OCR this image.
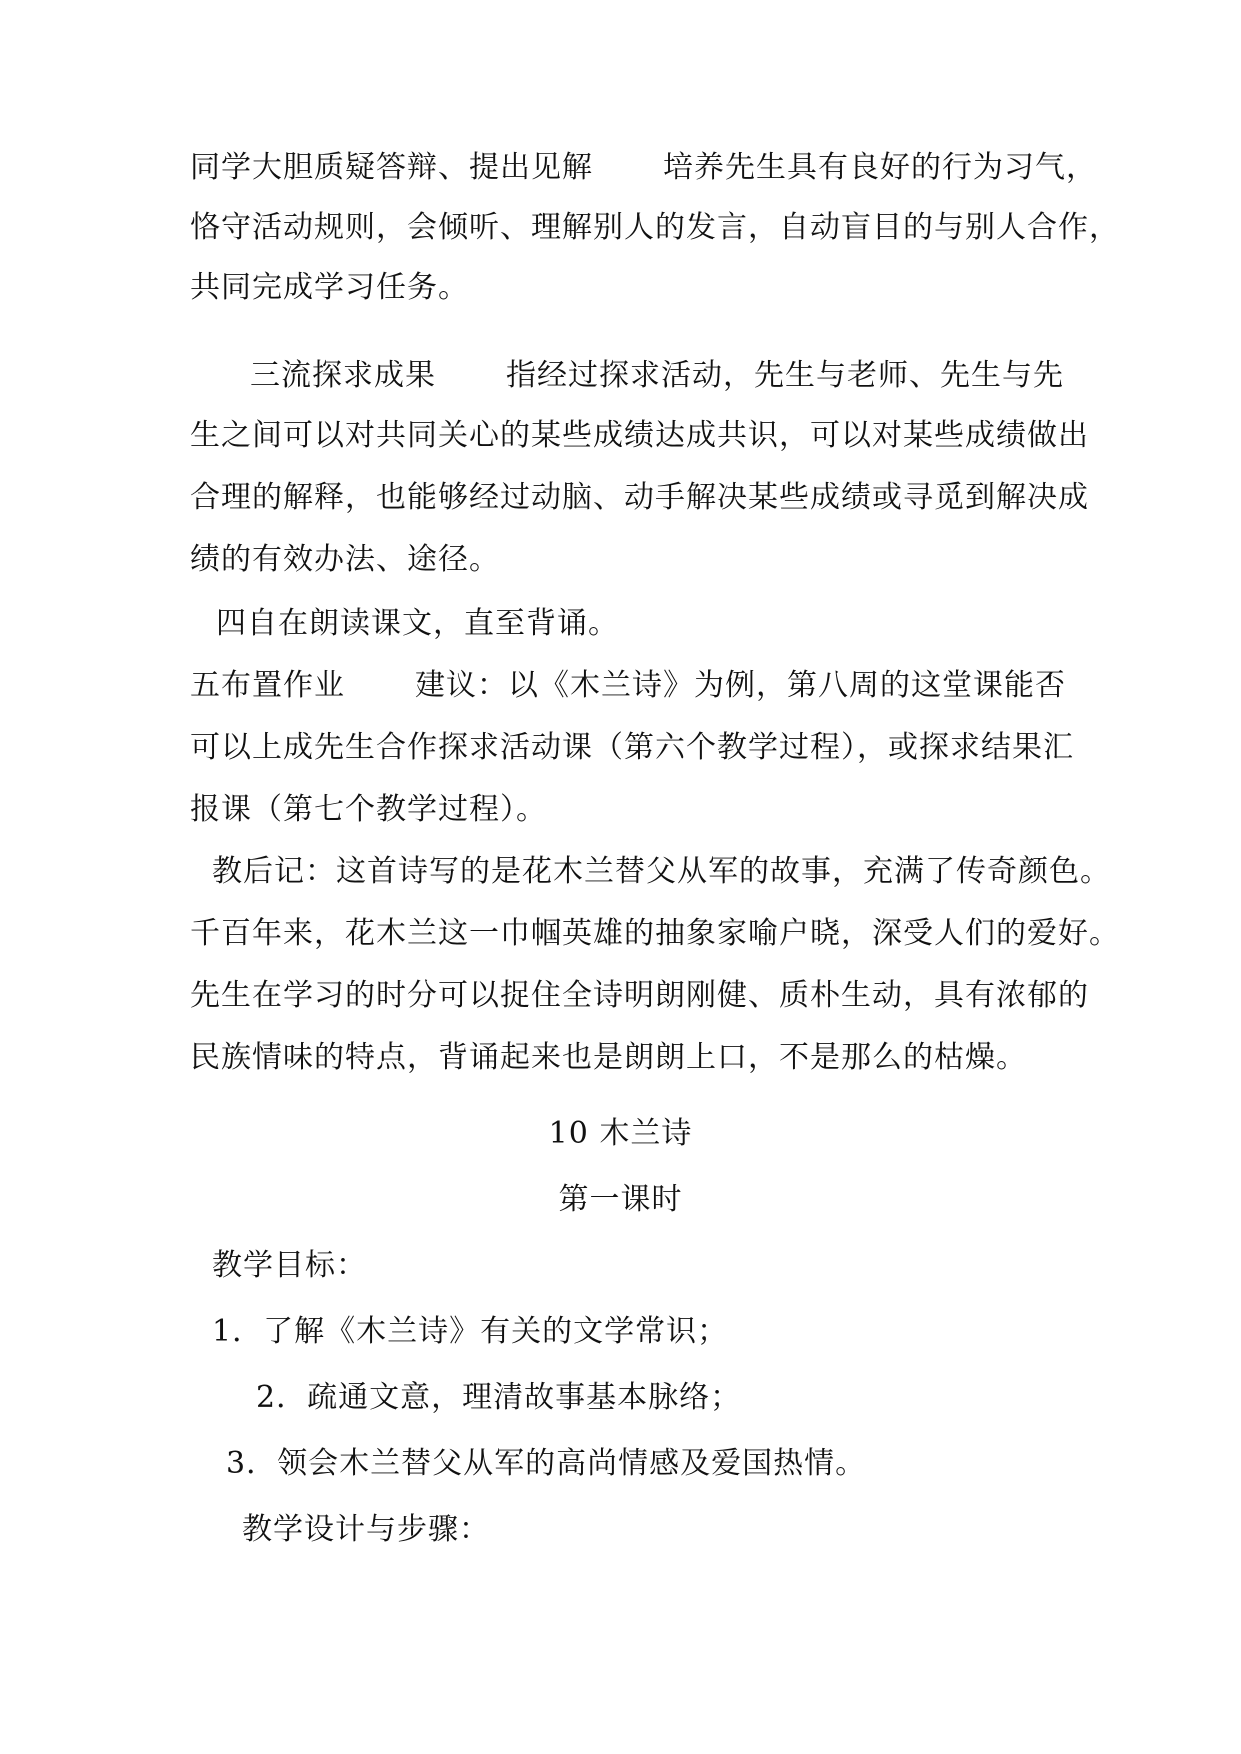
同学大胆质疑答辩、提出见解 培养先生具有良好的行为习气，
恪守活动规则，会倾听、理解别人的发言，自动盲目的与别人合作，
共同完成学习任务。
三流探求成果 指经过探求活动，先生与老师、先生与先
生之间可以对共同关心的某些成绩达成共识，可以对某些成绩做出
合理的解释，也能够经过动脑、动手解决某些成绩或寻觅到解决成
绩的有效办法、途径。
四自在朗读课文，直至背诵。
五布置作业 建议：以《木兰诗》为例，第八周的这堂课能否
可以上成先生合作探求活动课（第六个教学过程），或探求结果汇
报课（第七个教学过程）。
教后记：这首诗写的是花木兰替父从军的故事，充满了传奇颜色。
千百年来，花木兰这一巾帼英雄的抽象家喻户晓，深受人们的爱好。
先生在学习的时分可以捉住全诗明朗刚健、质朴生动，具有浓郁的
民族情味的特点，背诵起来也是朗朗上口，不是那么的枯燥。
10 木兰诗
第一课时
教学目标：
1．了解《木兰诗》有关的文学常识；
2．疏通文意，理清故事基本脉络；
3．领会木兰替父从军的高尚情感及爱国热情。
教学设计与步骤：
